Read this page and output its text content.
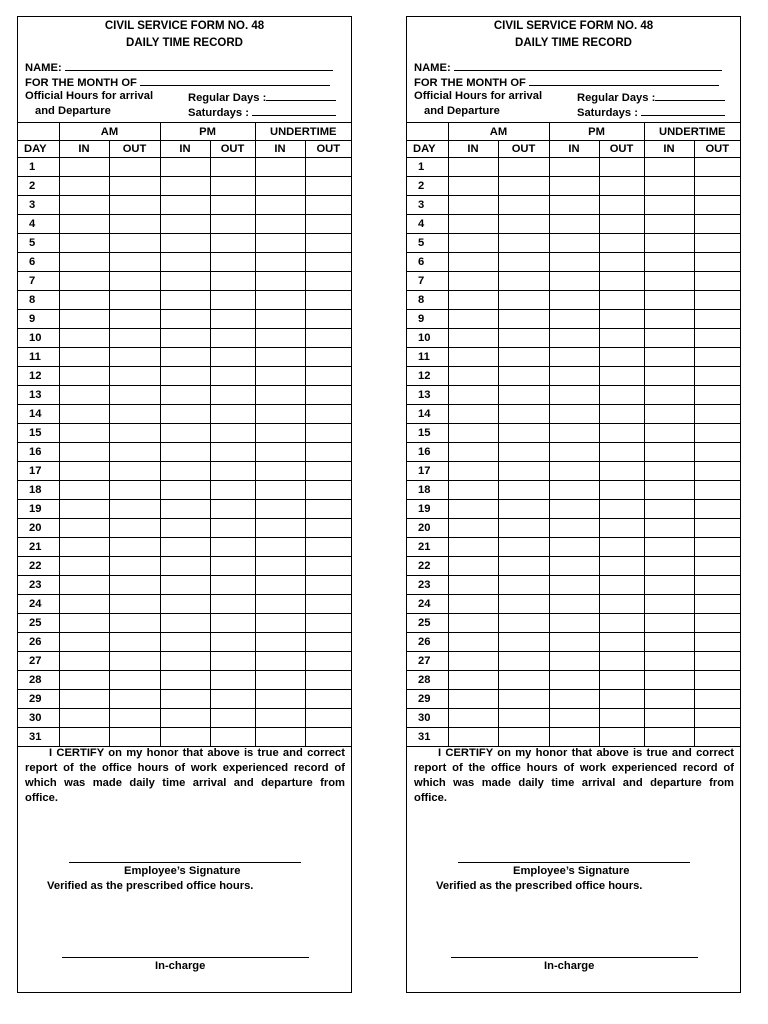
CIVIL SERVICE FORM NO. 48
DAILY TIME RECORD
NAME:
FOR THE MONTH OF
Official Hours for arrival
and Departure
Regular Days :
Saturdays :
	AM		PM		UNDERTIME	
DAY	IN	OUT	IN	OUT	IN	OUT
1						
2						
3						
4						
5						
6						
7						
8						
9						
10						
11						
12						
13						
14						
15						
16						
17						
18						
19						
20						
21						
22						
23						
24						
25						
26						
27						
28						
29						
30						
31						
I CERTIFY on my honor that above is true and correct report of the office hours of work experienced record of which was made daily time arrival and departure from office.
Employee’s Signature
Verified as the prescribed office hours.
In-charge
CIVIL SERVICE FORM NO. 48
DAILY TIME RECORD
NAME:
FOR THE MONTH OF
Official Hours for arrival
and Departure
Regular Days :
Saturdays :
	AM		PM		UNDERTIME	
DAY	IN	OUT	IN	OUT	IN	OUT
1						
2						
3						
4						
5						
6						
7						
8						
9						
10						
11						
12						
13						
14						
15						
16						
17						
18						
19						
20						
21						
22						
23						
24						
25						
26						
27						
28						
29						
30						
31						
I CERTIFY on my honor that above is true and correct report of the office hours of work experienced record of which was made daily time arrival and departure from office.
Employee’s Signature
Verified as the prescribed office hours.
In-charge
